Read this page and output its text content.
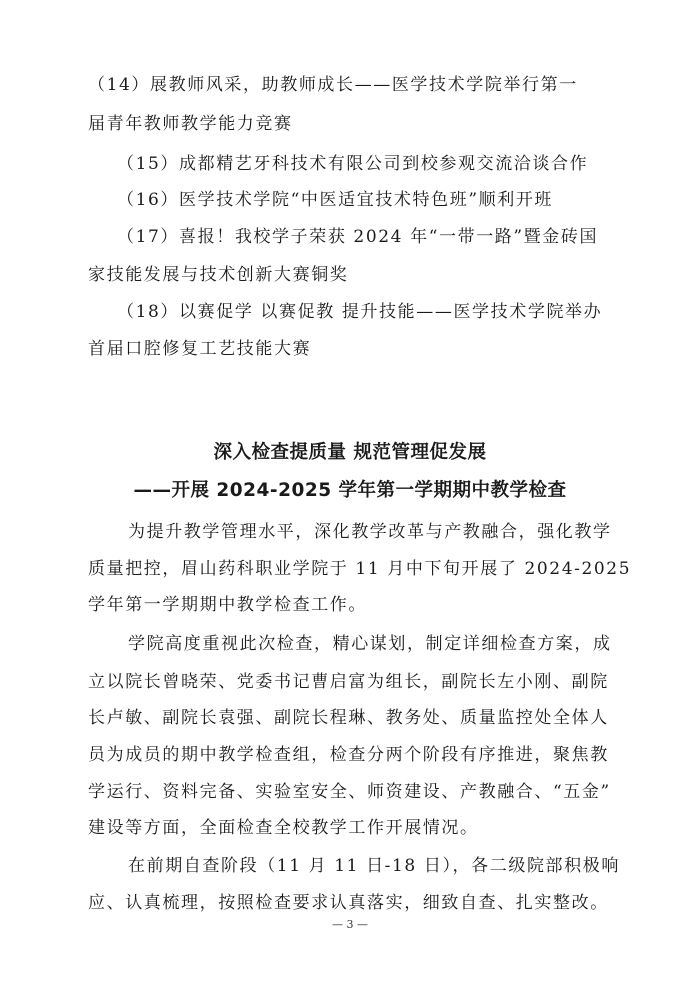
（14）展教师风采，助教师成长——医学技术学院举行第一
届青年教师教学能力竞赛
（15）成都精艺牙科技术有限公司到校参观交流洽谈合作
（16）医学技术学院“中医适宜技术特色班”顺利开班
（17）喜报！我校学子荣获 2024 年“一带一路”暨金砖国
家技能发展与技术创新大赛铜奖
（18）以赛促学 以赛促教 提升技能——医学技术学院举办
首届口腔修复工艺技能大赛
深入检查提质量 规范管理促发展
——开展 2024-2025 学年第一学期期中教学检查
为提升教学管理水平，深化教学改革与产教融合，强化教学
质量把控，眉山药科职业学院于 11 月中下旬开展了 2024-2025
学年第一学期期中教学检查工作。
学院高度重视此次检查，精心谋划，制定详细检查方案，成
立以院长曾晓荣、党委书记曹启富为组长，副院长左小刚、副院
长卢敏、副院长袁强、副院长程琳、教务处、质量监控处全体人
员为成员的期中教学检查组，检查分两个阶段有序推进，聚焦教
学运行、资料完备、实验室安全、师资建设、产教融合、“五金”
建设等方面，全面检查全校教学工作开展情况。
在前期自查阶段（11 月 11 日-18 日），各二级院部积极响
应、认真梳理，按照检查要求认真落实，细致自查、扎实整改。
— 3 —
